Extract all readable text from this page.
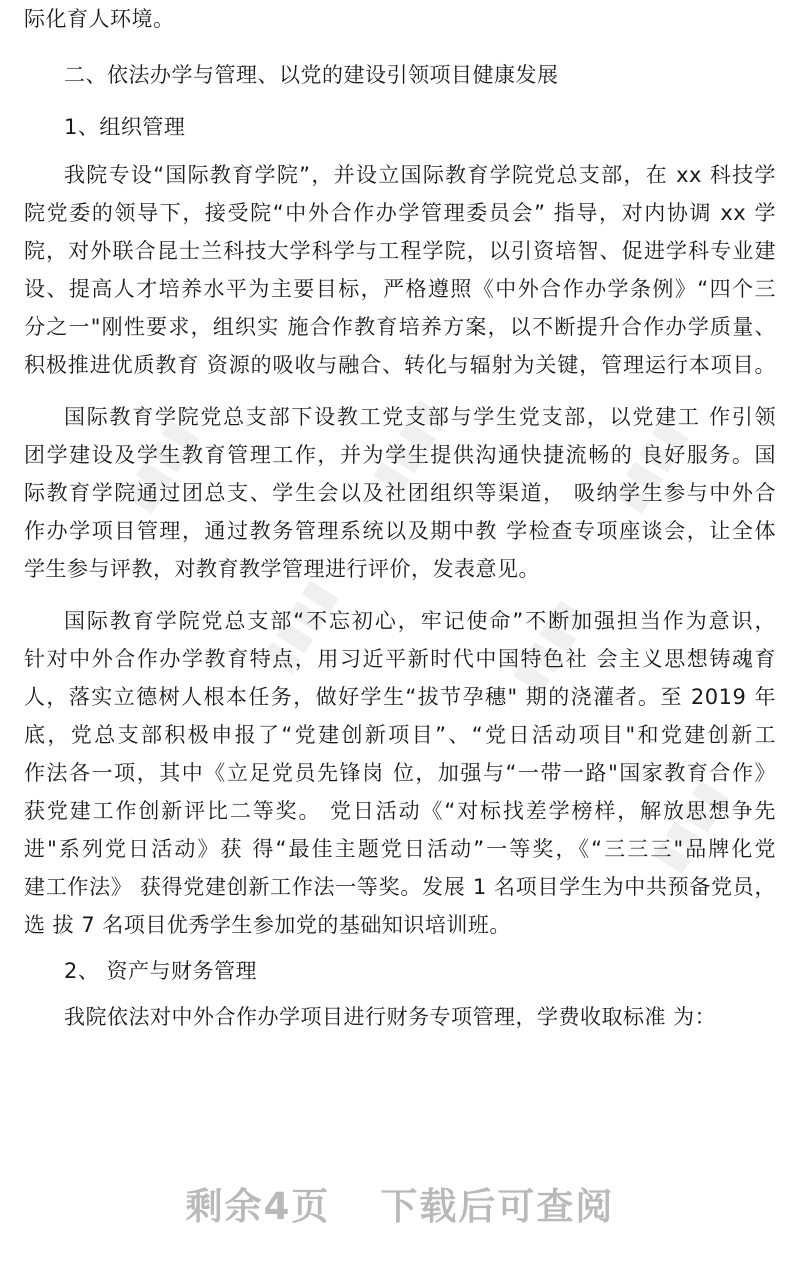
▮▮▮▮	▮▮▮▮	▮▮▮▮
▮▮▮▮	▮▮▮▮
▮▮▮▮
际化育人环境。
二、依法办学与管理、以党的建设引领项目健康发展
1、组织管理
我院专设“国际教育学院”，并设立国际教育学院党总支部，在 xx 科技学
院党委的领导下，接受院“中外合作办学管理委员会” 指导，对内协调 xx 学
院，对外联合昆士兰科技大学科学与工程学院，以引资培智、促进学科专业建
设、提高人才培养水平为主要目标，严格遵照《中外合作办学条例》“四个三
分之一"刚性要求，组织实 施合作教育培养方案，以不断提升合作办学质量、
积极推进优质教育 资源的吸收与融合、转化与辐射为关键，管理运行本项目。
国际教育学院党总支部下设教工党支部与学生党支部，以党建工 作引领
团学建设及学生教育管理工作，并为学生提供沟通快捷流畅的 良好服务。国
际教育学院通过团总支、学生会以及社团组织等渠道， 吸纳学生参与中外合
作办学项目管理，通过教务管理系统以及期中教 学检查专项座谈会，让全体
学生参与评教，对教育教学管理进行评价，发表意见。
国际教育学院党总支部“不忘初心，牢记使命”不断加强担当作为意识，
针对中外合作办学教育特点，用习近平新时代中国特色社 会主义思想铸魂育
人，落实立德树人根本任务，做好学生“拔节孕穗" 期的浇灌者。至 2019 年
底，党总支部积极申报了“党建创新项目”、“党日活动项目"和党建创新工
作法各一项，其中《立足党员先锋岗 位，加强与“一带一路"国家教育合作》
获党建工作创新评比二等奖。 党日活动《“对标找差学榜样，解放思想争先
进"系列党日活动》获 得“最佳主题党日活动”一等奖，《“三三三"品牌化党
建工作法》 获得党建创新工作法一等奖。发展 1 名项目学生为中共预备党员，
选 拔 7 名项目优秀学生参加党的基础知识培训班。
2、 资产与财务管理
我院依法对中外合作办学项目进行财务专项管理，学费收取标准 为：
剩余4页 下载后可查阅
